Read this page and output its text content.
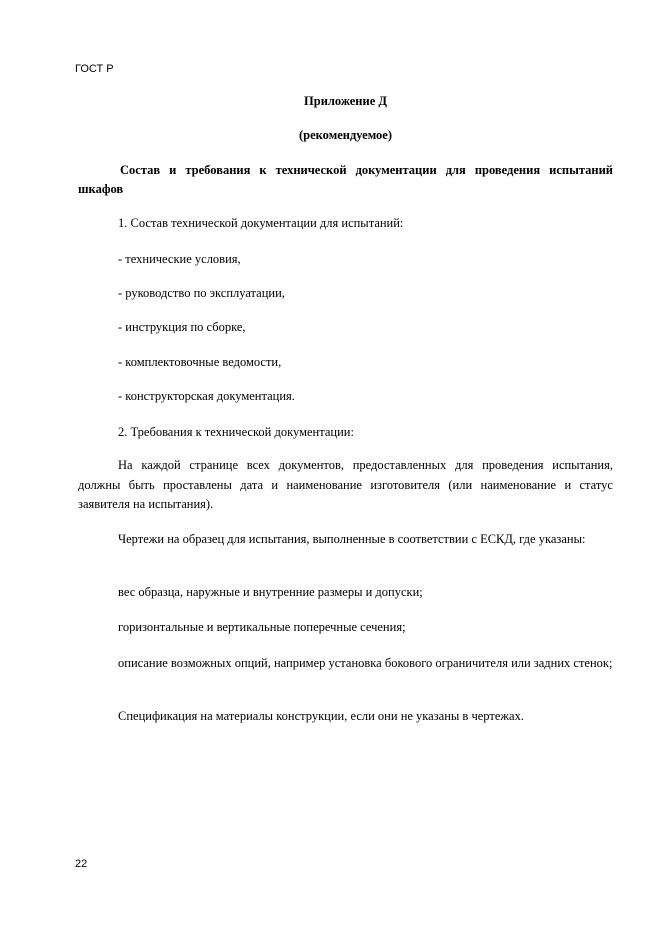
ГОСТ Р
Приложение Д
(рекомендуемое)
Состав и требования к технической документации для проведения испытаний шкафов
1. Состав технической документации для испытаний:
- технические условия,
- руководство по эксплуатации,
- инструкция по сборке,
- комплектовочные ведомости,
- конструкторская документация.
2. Требования к технической документации:
На каждой странице всех документов, предоставленных для проведения испытания, должны быть проставлены дата и наименование изготовителя (или наименование и статус заявителя на испытания).
Чертежи на образец для испытания, выполненные в соответствии с ЕСКД, где указаны:
вес образца, наружные и внутренние размеры и допуски;
горизонтальные и вертикальные поперечные сечения;
описание возможных опций, например установка бокового ограничителя или задних стенок;
Спецификация на материалы конструкции, если они не указаны в чертежах.
22
